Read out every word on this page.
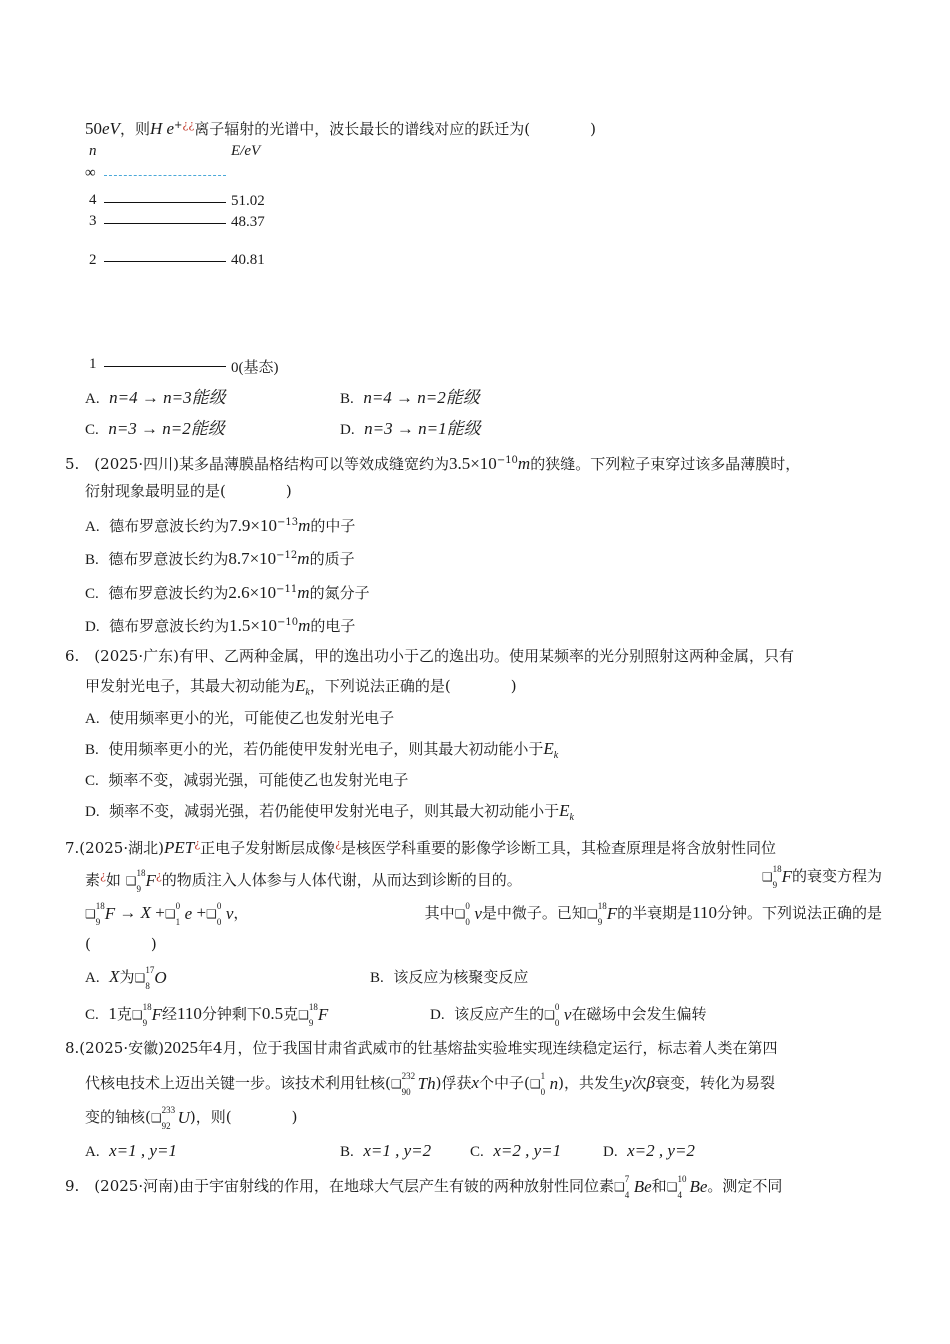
50eV，则H e+¿¿离子辐射的光谱中，波长最长的谱线对应的跃迁为(　　　　)
n	E/eV
∞
4	51.02
3	48.37
2	40.81
1	0(基态)
A. n=4 → n=3能级	B. n=4 → n=2能级
C. n=3 → n=2能级	D. n=3 → n=1能级
5.　(2025·四川)某多晶薄膜晶格结构可以等效成缝宽约为$3.5\times 10^{-10}m$的狭缝。下列粒子束穿过该多晶薄膜时，
衍射现象最明显的是(　　　　)
A. 德布罗意波长约为$7.9\times 10^{-13}m$的中子
B. 德布罗意波长约为$8.7\times 10^{-12}m$的质子
C. 德布罗意波长约为$2.6\times 10^{-11}m$的氮分子
D. 德布罗意波长约为$1.5\times 10^{-10}m$的电子
6.　(2025·广东)有甲、乙两种金属，甲的逸出功小于乙的逸出功。使用某频率的光分别照射这两种金属，只有
甲发射光电子，其最大初动能为$E_k$，下列说法正确的是(　　　　)
A. 使用频率更小的光，可能使乙也发射光电子
B. 使用频率更小的光，若仍能使甲发射光电子，则其最大初动能小于$E_k$
C. 频率不变，减弱光强，可能使乙也发射光电子
D. 频率不变，减弱光强，若仍能使甲发射光电子，则其最大初动能小于$E_k$
7.(2025·湖北)PET¿正电子发射断层成像¿是核医学科重要的影像学诊断工具，其检查原理是将含放射性同位
素¿如 ❑
18
9 F¿的物质注入人体参与人体代谢，从而达到诊断的目的。	❑
18
9 F的衰变方程为
❑
18
9 F → X +❑
0
1 e +❑
0
0 v，	其中❑
0
0 v是中微子。已知❑
18
9 F的半衰期是110分钟。下列说法正确的是
(　　　　)
A. X为❑
17
8 O	B. 该反应为核聚变反应
C. 1克❑
18
9 F经110分钟剩下0.5克❑
18
9 F	D. 该反应产生的❑
0
0 v在磁场中会发生偏转
8.(2025·安徽)2025年4月，位于我国甘肃省武威市的钍基熔盐实验堆实现连续稳定运行，标志着人类在第四
代核电技术上迈出关键一步。该技术利用钍核(❑
232
90 Th)俘获x个中子(❑
1
0 n)，共发生y次β衰变，转化为易裂
变的铀核(❑
233
92 U)，则(　　　　)
A. x=1 , y=1	B. x=1 , y=2	C. x=2 , y=1	D. x=2 , y=2
9.　(2025·河南)由于宇宙射线的作用，在地球大气层产生有铍的两种放射性同位素❑
7
4 Be和❑
10
4 Be。测定不同
